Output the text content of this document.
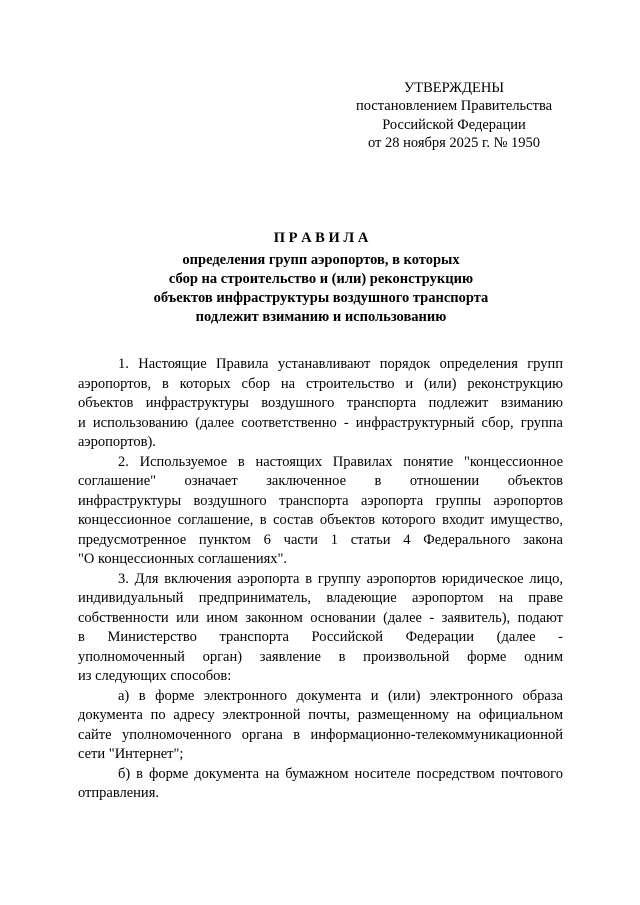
УТВЕРЖДЕНЫ
постановлением Правительства
Российской Федерации
от 28 ноября 2025 г. № 1950
П Р А В И Л А
определения групп аэропортов, в которых
сбор на строительство и (или) реконструкцию
объектов инфраструктуры воздушного транспорта
подлежит взиманию и использованию
1. Настоящие Правила устанавливают порядок определения групп
аэропортов, в которых сбор на строительство и (или) реконструкцию
объектов инфраструктуры воздушного транспорта подлежит взиманию
и использованию (далее соответственно - инфраструктурный сбор, группа
аэропортов).
2. Используемое в настоящих Правилах понятие "концессионное
соглашение" означает заключенное в отношении объектов
инфраструктуры воздушного транспорта аэропорта группы аэропортов
концессионное соглашение, в состав объектов которого входит имущество,
предусмотренное пунктом 6 части 1 статьи 4 Федерального закона
"О концессионных соглашениях".
3. Для включения аэропорта в группу аэропортов юридическое лицо,
индивидуальный предприниматель, владеющие аэропортом на праве
собственности или ином законном основании (далее - заявитель), подают
в Министерство транспорта Российской Федерации (далее -
уполномоченный орган) заявление в произвольной форме одним
из следующих способов:
а) в форме электронного документа и (или) электронного образа
документа по адресу электронной почты, размещенному на официальном
сайте уполномоченного органа в информационно-телекоммуникационной
сети "Интернет";
б) в форме документа на бумажном носителе посредством почтового
отправления.
